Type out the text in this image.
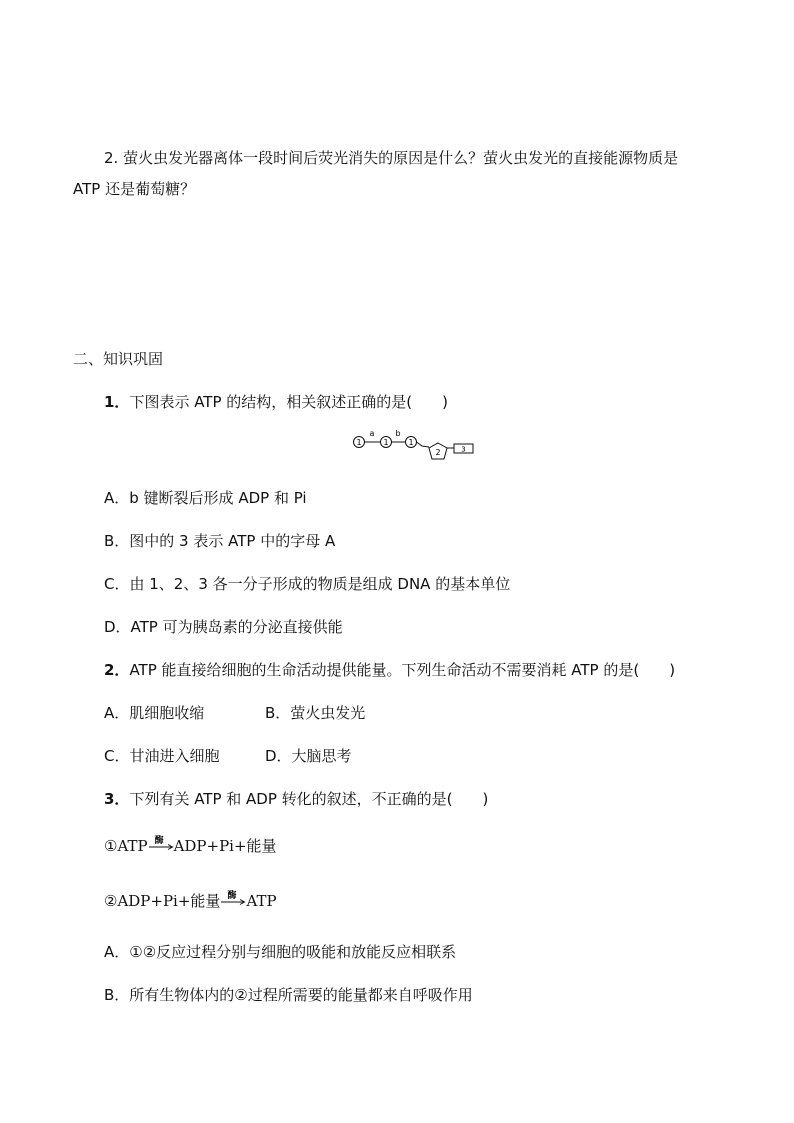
2. 萤火虫发光器离体一段时间后荧光消失的原因是什么？萤火虫发光的直接能源物质是
ATP 还是葡萄糖？
二、知识巩固
1．下图表示 ATP 的结构，相关叙述正确的是(　　)
1
a
1
b
1
2	3
A．b 键断裂后形成 ADP 和 Pi
B．图中的 3 表示 ATP 中的字母 A
C．由 1、2、3 各一分子形成的物质是组成 DNA 的基本单位
D．ATP 可为胰岛素的分泌直接供能
2．ATP 能直接给细胞的生命活动提供能量。下列生命活动不需要消耗 ATP 的是(　　)
A．肌细胞收缩	B．萤火虫发光
C．甘油进入细胞	D．大脑思考
3．下列有关 ATP 和 ADP 转化的叙述，不正确的是(　　)
①ATP 酶 ADP+Pi+能量
②ADP+Pi+能量 酶 ATP
A．①②反应过程分别与细胞的吸能和放能反应相联系
B．所有生物体内的②过程所需要的能量都来自呼吸作用
